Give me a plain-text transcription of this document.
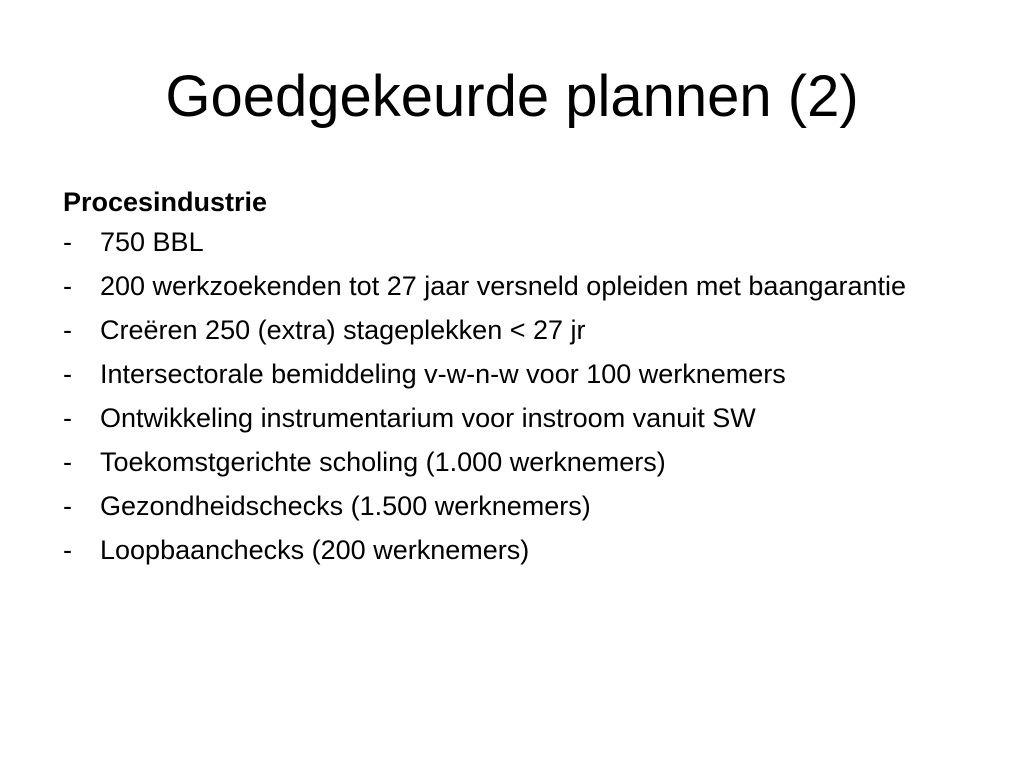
Goedgekeurde plannen (2)
Procesindustrie
-	750 BBL
-	200 werkzoekenden tot 27 jaar versneld opleiden met baangarantie
-	Creëren 250 (extra) stageplekken < 27 jr
-	Intersectorale bemiddeling v-w-n-w voor 100 werknemers
-	Ontwikkeling instrumentarium voor instroom vanuit SW
-	Toekomstgerichte scholing (1.000 werknemers)
-	Gezondheidschecks (1.500 werknemers)
-	Loopbaanchecks (200 werknemers)
